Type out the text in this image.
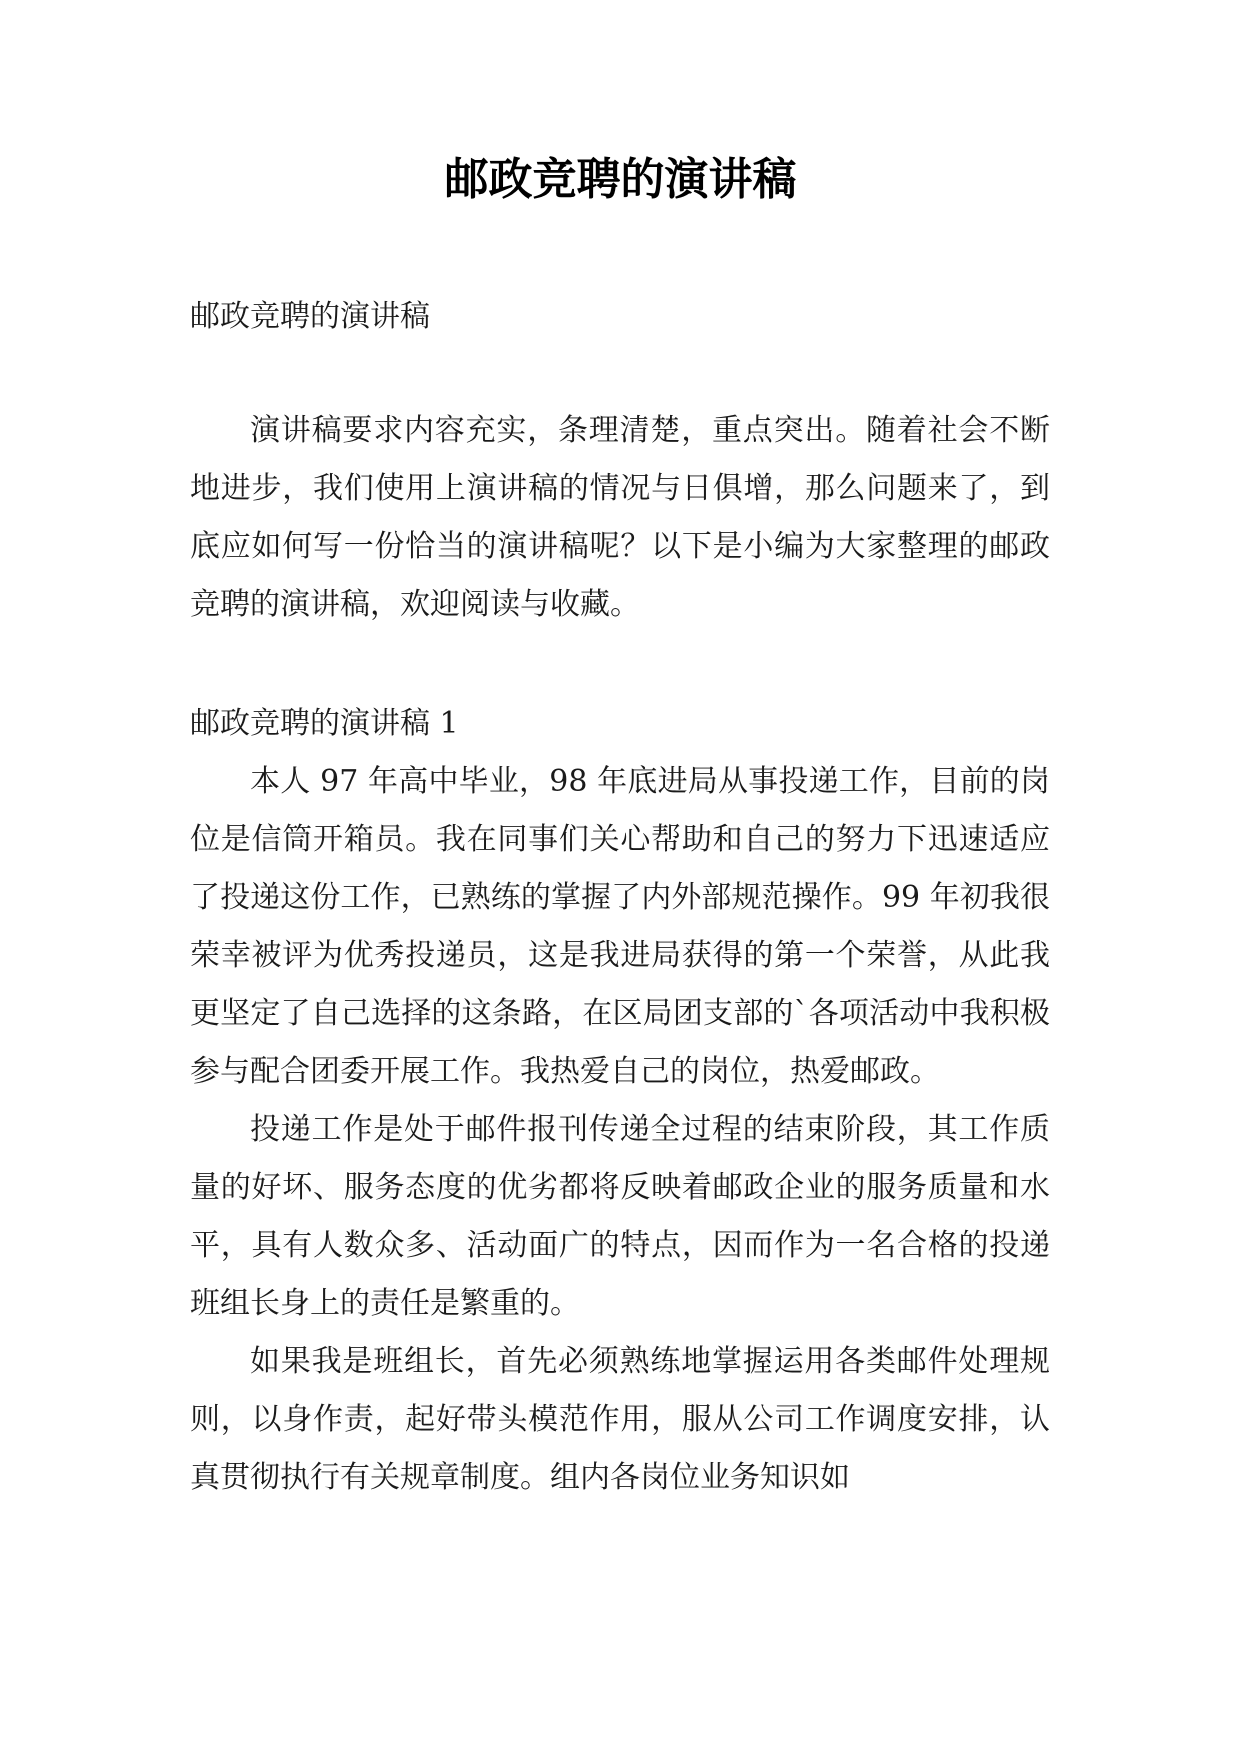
邮政竞聘的演讲稿

邮政竞聘的演讲稿

演讲稿要求内容充实，条理清楚，重点突出。随着社会不断地进步，我们使用上演讲稿的情况与日俱增，那么问题来了，到底应如何写一份恰当的演讲稿呢？以下是小编为大家整理的邮政竞聘的演讲稿，欢迎阅读与收藏。

邮政竞聘的演讲稿 1

本人 97 年高中毕业，98 年底进局从事投递工作，目前的岗位是信筒开箱员。我在同事们关心帮助和自己的努力下迅速适应了投递这份工作，已熟练的掌握了内外部规范操作。99 年初我很荣幸被评为优秀投递员，这是我进局获得的第一个荣誉，从此我更坚定了自己选择的这条路，在区局团支部的`各项活动中我积极参与配合团委开展工作。我热爱自己的岗位，热爱邮政。

投递工作是处于邮件报刊传递全过程的结束阶段，其工作质量的好坏、服务态度的优劣都将反映着邮政企业的服务质量和水平，具有人数众多、活动面广的特点，因而作为一名合格的投递班组长身上的责任是繁重的。

如果我是班组长，首先必须熟练地掌握运用各类邮件处理规则，以身作责，起好带头模范作用，服从公司工作调度安排，认真贯彻执行有关规章制度。组内各岗位业务知识如
